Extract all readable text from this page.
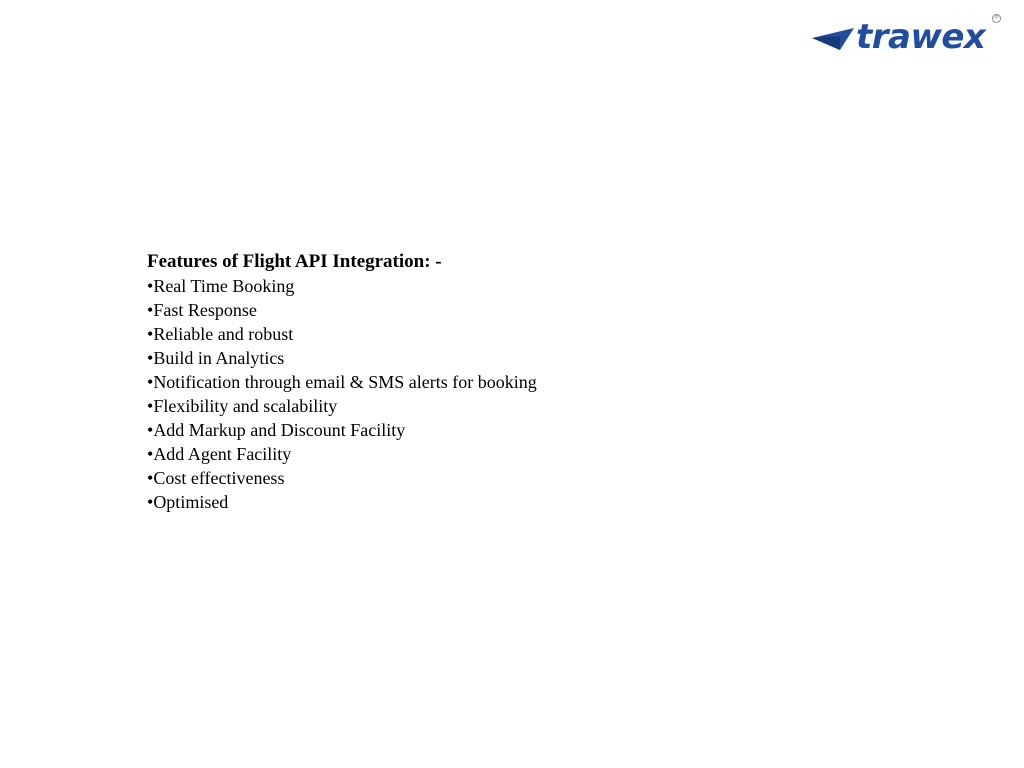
trawex	®

Features of Flight API Integration: -

•Real Time Booking
•Fast Response
•Reliable and robust
•Build in Analytics
•Notification through email & SMS alerts for booking
•Flexibility and scalability
•Add Markup and Discount Facility
•Add Agent Facility
•Cost effectiveness
•Optimised
